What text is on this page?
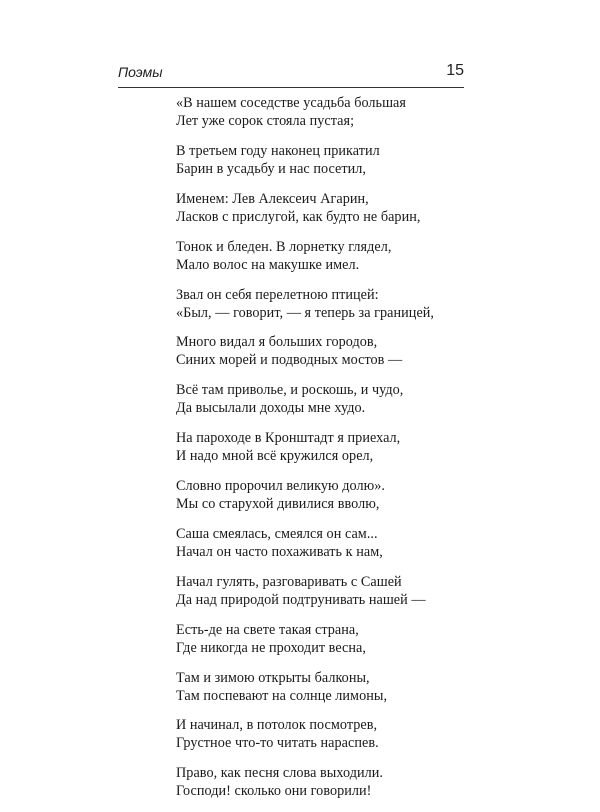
Поэмы	15
«В нашем соседстве усадьба большая
Лет уже сорок стояла пустая;
В третьем году наконец прикатил
Барин в усадьбу и нас посетил,
Именем: Лев Алексеич Агарин,
Ласков с прислугой, как будто не барин,
Тонок и бледен. В лорнетку глядел,
Мало волос на макушке имел.
Звал он себя перелетною птицей:
«Был, — говорит, — я теперь за границей,
Много видал я больших городов,
Синих морей и подводных мостов —
Всё там приволье, и роскошь, и чудо,
Да высылали доходы мне худо.
На пароходе в Кронштадт я приехал,
И надо мной всё кружился орел,
Словно пророчил великую долю».
Мы со старухой дивилися вволю,
Саша смеялась, смеялся он сам...
Начал он часто похаживать к нам,
Начал гулять, разговаривать с Сашей
Да над природой подтрунивать нашей —
Есть-де на свете такая страна,
Где никогда не проходит весна,
Там и зимою открыты балконы,
Там поспевают на солнце лимоны,
И начинал, в потолок посмотрев,
Грустное что-то читать нараспев.
Право, как песня слова выходили.
Господи! сколько они говорили!
